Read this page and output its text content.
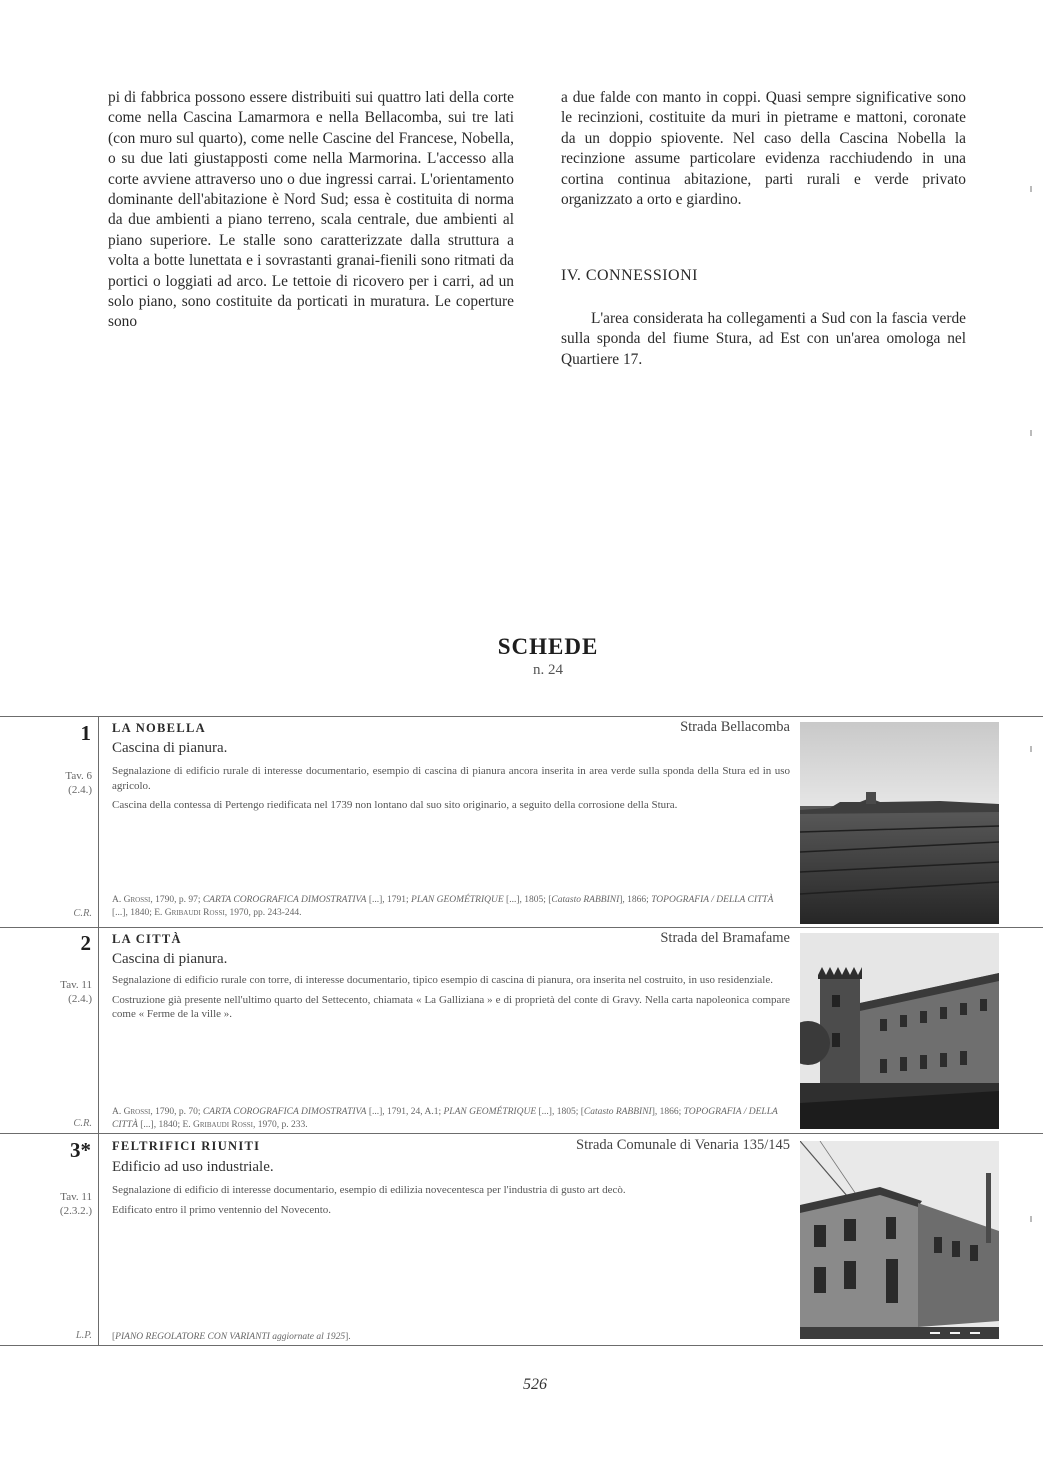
pi di fabbrica possono essere distribuiti sui quattro lati della corte come nella Cascina Lamarmora e nella Bellacomba, sui tre lati (con muro sul quarto), come nelle Cascine del Francese, Nobella, o su due lati giustapposti come nella Marmorina. L'accesso alla corte avviene attraverso uno o due ingressi carrai. L'orientamento dominante dell'abitazione è Nord Sud; essa è costituita di norma da due ambienti a piano terreno, scala centrale, due ambienti al piano superiore. Le stalle sono caratterizzate dalla struttura a volta a botte lunettata e i sovrastanti granai-fienili sono ritmati da portici o loggiati ad arco. Le tettoie di ricovero per i carri, ad un solo piano, sono costituite da porticati in muratura. Le coperture sono

a due falde con manto in coppi. Quasi sempre significative sono le recinzioni, costituite da muri in pietrame e mattoni, coronate da un doppio spiovente. Nel caso della Cascina Nobella la recinzione assume particolare evidenza racchiudendo in una cortina continua abitazione, parti rurali e verde privato organizzato a orto e giardino.

IV. CONNESSIONI

L'area considerata ha collegamenti a Sud con la fascia verde sulla sponda del fiume Stura, ad Est con un'area omologa nel Quartiere 17.

SCHEDE
n. 24
1
Tav. 6
(2.4.)
C.R.
LA NOBELLA	Strada Bellacomba
Cascina di pianura.

Segnalazione di edificio rurale di interesse documentario, esempio di cascina di pianura ancora inserita in area verde sulla sponda della Stura ed in uso agricolo.

Cascina della contessa di Pertengo riedificata nel 1739 non lontano dal suo sito originario, a seguito della corrosione della Stura.

A. Grossi, 1790, p. 97; CARTA COROGRAFICA DIMOSTRATIVA [...], 1791; PLAN GEOMÉTRIQUE [...], 1805; [Catasto RABBINI], 1866; TOPOGRAFIA / DELLA CITTÀ [...], 1840; E. Gribaudi Rossi, 1970, pp. 243-244.
2
Tav. 11
(2.4.)
C.R.
LA CITTÀ	Strada del Bramafame
Cascina di pianura.

Segnalazione di edificio rurale con torre, di interesse documentario, tipico esempio di cascina di pianura, ora inserita nel costruito, in uso residenziale.

Costruzione già presente nell'ultimo quarto del Settecento, chiamata « La Galliziana » e di proprietà del conte di Gravy. Nella carta napoleonica compare come « Ferme de la ville ».

A. Grossi, 1790, p. 70; CARTA COROGRAFICA DIMOSTRATIVA [...], 1791, 24, A.1; PLAN GEOMÉTRIQUE [...], 1805; [Catasto RABBINI], 1866; TOPOGRAFIA / DELLA CITTÀ [...], 1840; E. Gribaudi Rossi, 1970, p. 233.
3*
Tav. 11
(2.3.2.)
L.P.
FELTRIFICI RIUNITI	Strada Comunale di Venaria 135/145
Edificio ad uso industriale.

Segnalazione di edificio di interesse documentario, esempio di edilizia novecentesca per l'industria di gusto art decò.

Edificato entro il primo ventennio del Novecento.

[PIANO REGOLATORE CON VARIANTI aggiornate al 1925].
526
